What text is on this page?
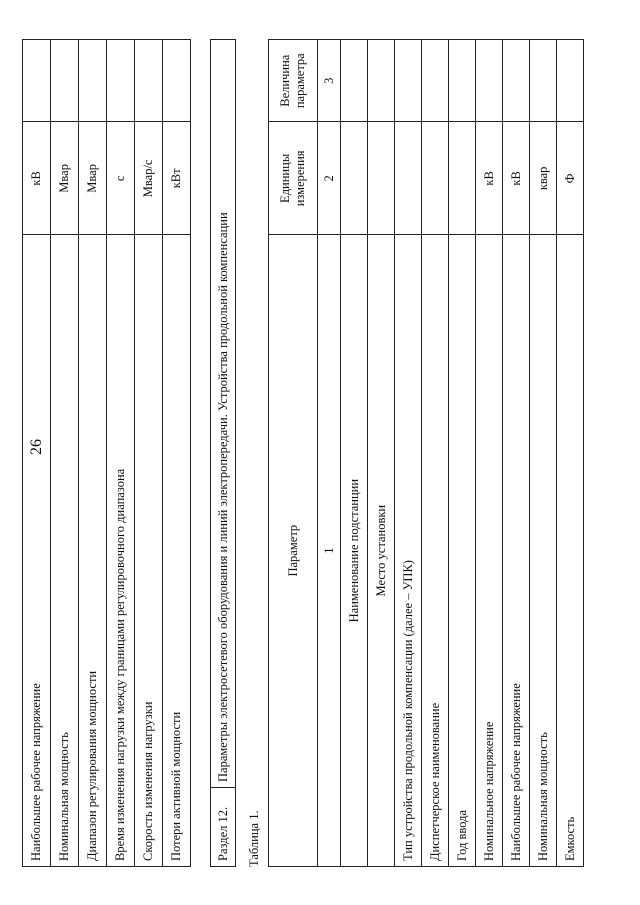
26
Наибольшее рабочее напряжение	кВ	
Номинальная мощность	Мвар	
Диапазон регулирования мощности	Мвар	
Время изменения нагрузки между границами регулировочного диапазона	с	
Скорость изменения нагрузки	Мвар/с	
Потери активной мощности	кВт	
Раздел 12.	Параметры электросетевого оборудования и линий электропередачи. Устройства продольной компенсации
Таблица 1.
Параметр	Единицы измерения	Величина параметра
1	2	3
Наименование подстанции		
Место установки		
Тип устройства продольной компенсации (далее – УПК)		
Диспетчерское наименование		
Год ввода		
Номинальное напряжение	кВ	
Наибольшее рабочее напряжение	кВ	
Номинальная мощность	квар	
Емкость	Ф	
